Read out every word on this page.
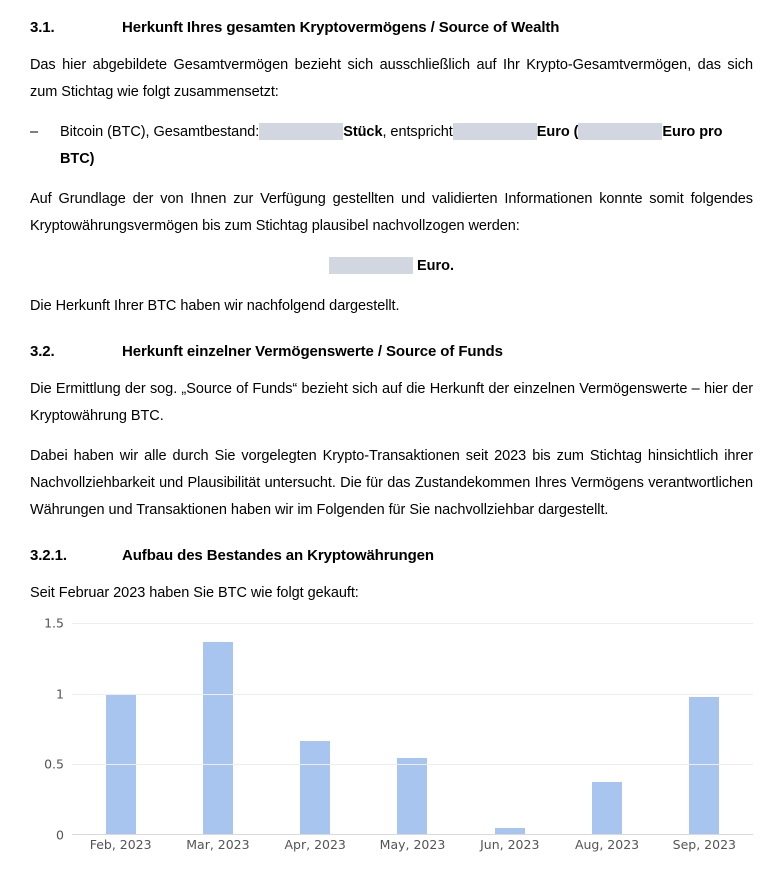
3.1.	Herkunft Ihres gesamten Kryptovermögens / Source of Wealth

Das hier abgebildete Gesamtvermögen bezieht sich ausschließlich auf Ihr Krypto-Gesamtvermögen, das sich zum Stichtag wie folgt zusammensetzt:

–	Bitcoin (BTC), Gesamtbestand:	Stück, entspricht	Euro (	Euro pro BTC)

Auf Grundlage der von Ihnen zur Verfügung gestellten und validierten Informationen konnte somit folgendes Kryptowährungsvermögen bis zum Stichtag plausibel nachvollzogen werden:

Euro.

Die Herkunft Ihrer BTC haben wir nachfolgend dargestellt.

3.2.	Herkunft einzelner Vermögenswerte / Source of Funds

Die Ermittlung der sog. „Source of Funds“ bezieht sich auf die Herkunft der einzelnen Vermögenswerte – hier der Kryptowährung BTC.

Dabei haben wir alle durch Sie vorgelegten Krypto-Transaktionen seit 2023 bis zum Stichtag hinsichtlich ihrer Nachvollziehbarkeit und Plausibilität untersucht. Die für das Zustandekommen Ihres Vermögens verantwortlichen Währungen und Transaktionen haben wir im Folgenden für Sie nachvollziehbar dargestellt.

3.2.1.	Aufbau des Bestandes an Kryptowährungen

Seit Februar 2023 haben Sie BTC wie folgt gekauft:

0
0.5
1
1.5
Feb, 2023	Mar, 2023	Apr, 2023	May, 2023	Jun, 2023	Aug, 2023	Sep, 2023
